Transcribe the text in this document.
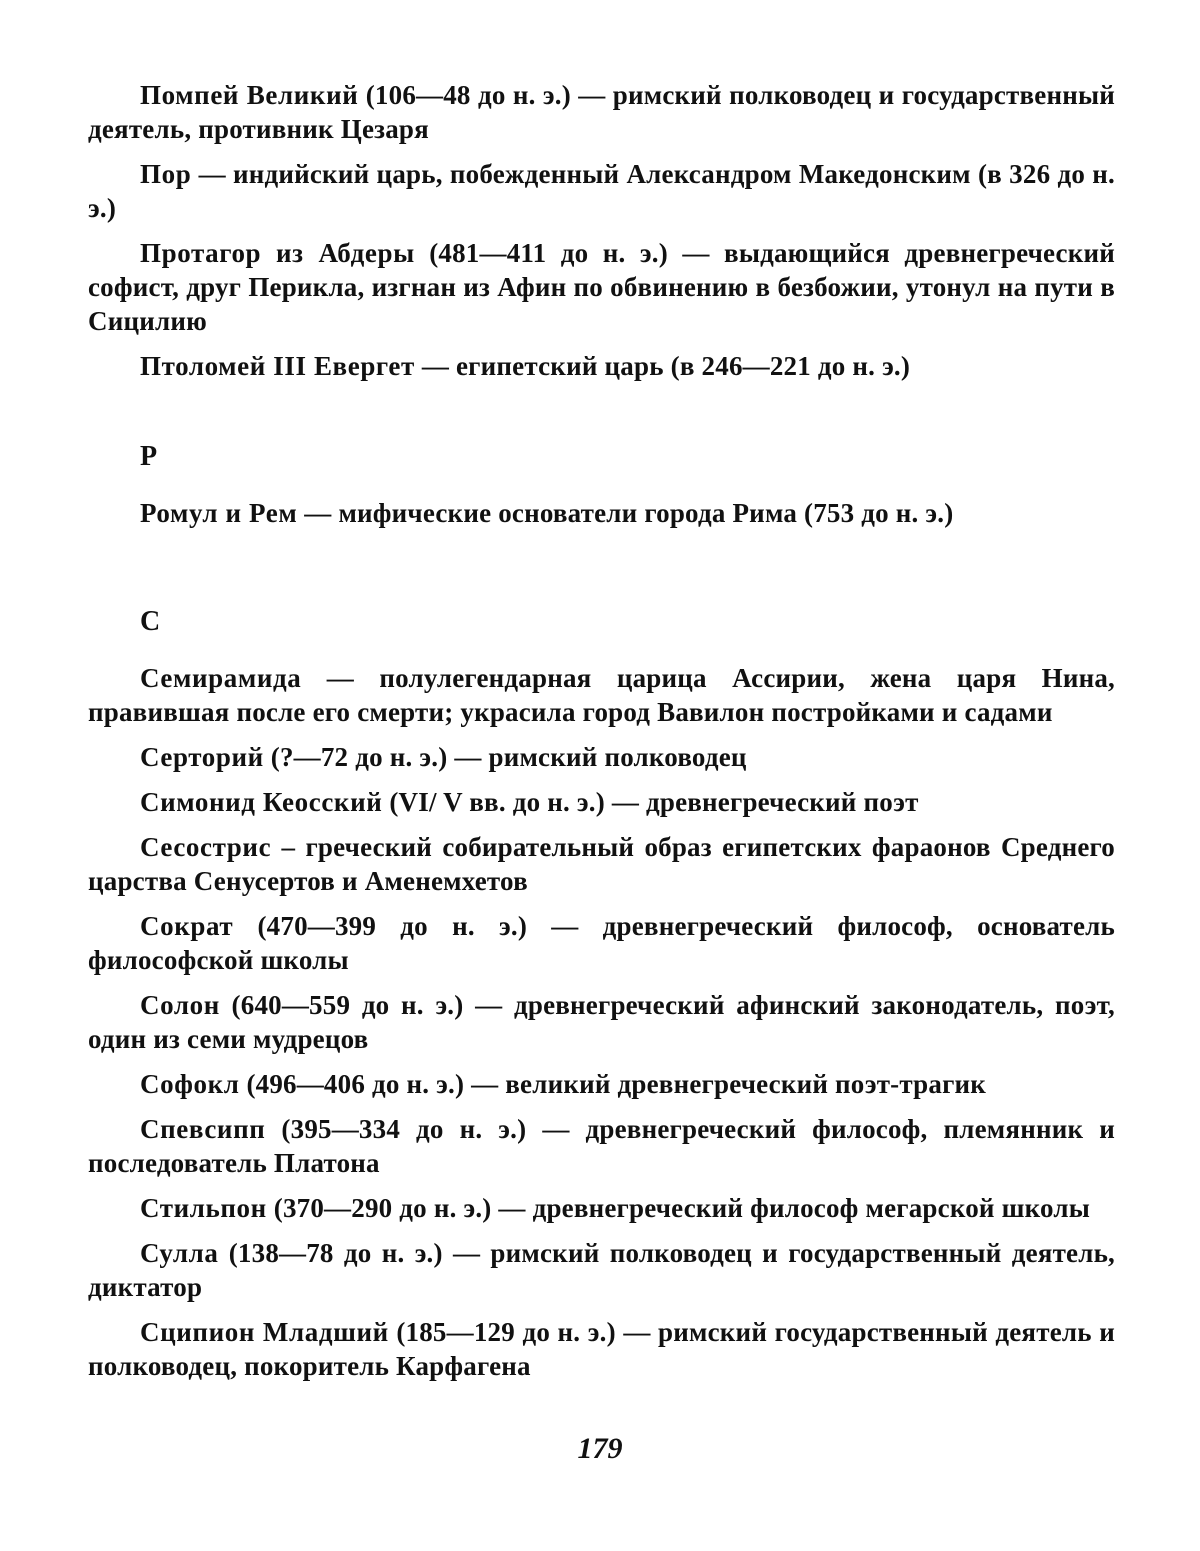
Помпей Великий (106—48 до н. э.) — римский полководец и государственный деятель, противник Цезаря

Пор — индийский царь, побежденный Александром Македонским (в 326 до н. э.)

Протагор из Абдеры (481—411 до н. э.) — выдающийся древнегреческий софист, друг Перикла, изгнан из Афин по обвинению в безбожии, утонул на пути в Сицилию

Птоломей III Евергет — египетский царь (в 246—221 до н. э.)

Р

Ромул и Рем — мифические основатели города Рима (753 до н. э.)

С

Семирамида — полулегендарная царица Ассирии, жена царя Нина, правившая после его смерти; украсила город Вавилон постройками и садами

Серторий (?—72 до н. э.) — римский полководец

Симонид Кеосский (VI/ V вв. до н. э.) — древнегреческий поэт

Сесострис – греческий собирательный образ египетских фараонов Среднего царства Сенусертов и Аменемхетов

Сократ (470—399 до н. э.) — древнегреческий философ, основатель философской школы

Солон (640—559 до н. э.) — древнегреческий афинский законодатель, поэт, один из семи мудрецов

Софокл (496—406 до н. э.) — великий древнегреческий поэт-трагик

Спевсипп (395—334 до н. э.) — древнегреческий философ, племянник и последователь Платона

Стильпон (370—290 до н. э.) — древнегреческий философ мегарской школы

Сулла (138—78 до н. э.) — римский полководец и государственный деятель, диктатор

Сципион Младший (185—129 до н. э.) — римский государственный деятель и полководец, покоритель Карфагена

179
